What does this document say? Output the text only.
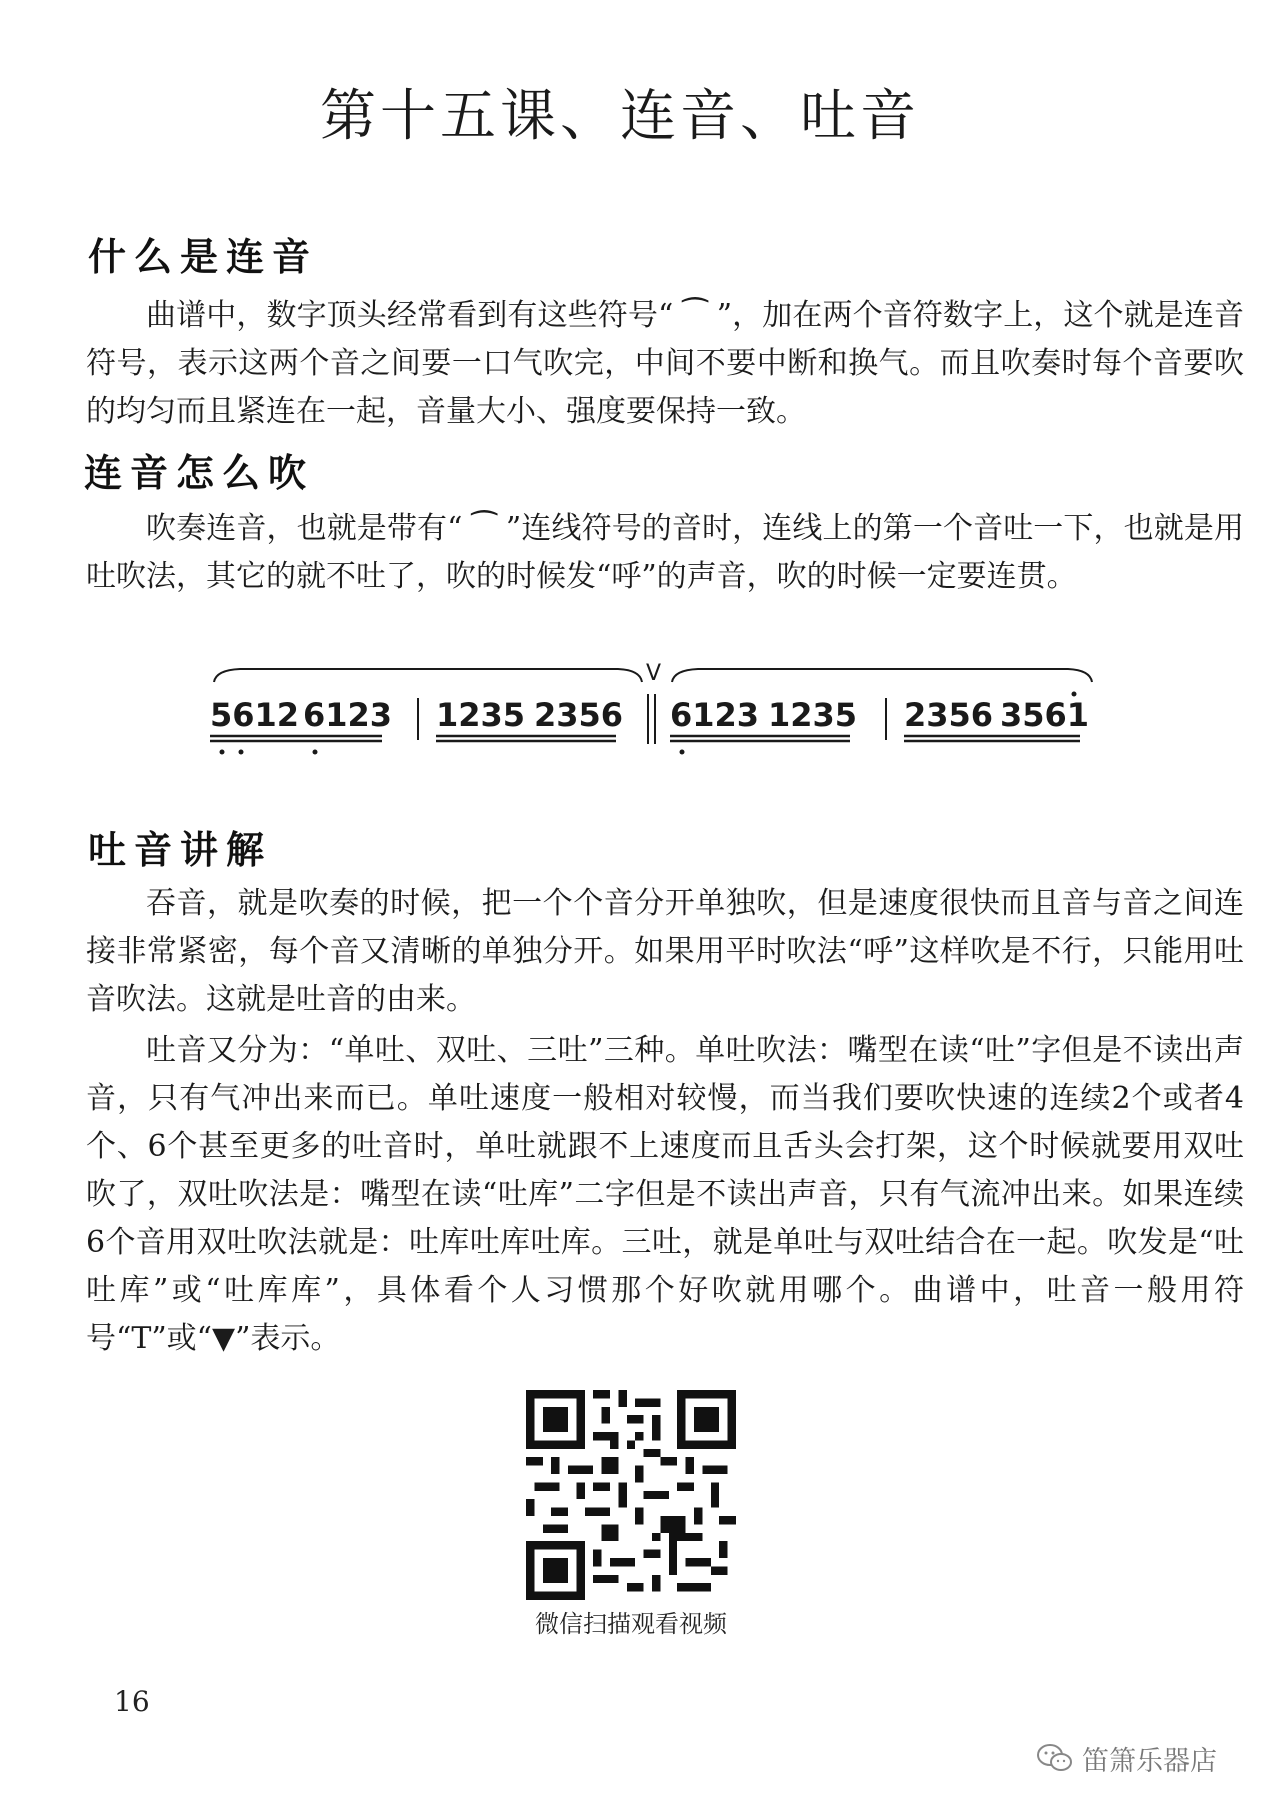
第十五课、连音、吐音
什么是连音

曲谱中，数字顶头经常看到有这些符号“ ⁀ ”，加在两个音符数字上，这个就是连音符号，表示这两个音之间要一口气吹完，中间不要中断和换气。而且吹奏时每个音要吹的均匀而且紧连在一起，音量大小、强度要保持一致。

连音怎么吹

吹奏连音，也就是带有“ ⁀ ”连线符号的音时，连线上的第一个音吐一下，也就是用吐吹法，其它的就不吐了，吹的时候发“呼”的声音，吹的时候一定要连贯。

V
5612 6123 1235 2356 6123 1235 2356 3561
吐音讲解

吞音，就是吹奏的时候，把一个个音分开单独吹，但是速度很快而且音与音之间连接非常紧密，每个音又清晰的单独分开。如果用平时吹法“呼”这样吹是不行，只能用吐音吹法。这就是吐音的由来。

吐音又分为：“单吐、双吐、三吐”三种。单吐吹法：嘴型在读“吐”字但是不读出声音，只有气冲出来而已。单吐速度一般相对较慢，而当我们要吹快速的连续2个或者4个、6个甚至更多的吐音时，单吐就跟不上速度而且舌头会打架，这个时候就要用双吐吹了，双吐吹法是：嘴型在读“吐库”二字但是不读出声音，只有气流冲出来。如果连续6个音用双吐吹法就是：吐库吐库吐库。三吐，就是单吐与双吐结合在一起。吹发是“吐吐库”或“吐库库”，具体看个人习惯那个好吹就用哪个。曲谱中，吐音一般用符号“T”或“▼”表示。

微信扫描观看视频
16
笛箫乐器店
